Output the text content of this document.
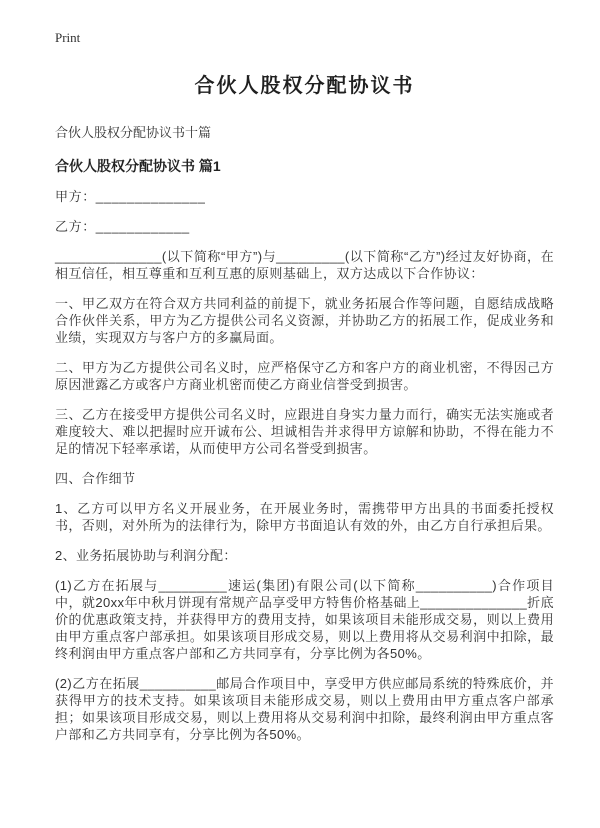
Print

合伙人股权分配协议书

合伙人股权分配协议书十篇

合伙人股权分配协议书 篇1

甲方：______________

乙方：____________

______________(以下简称“甲方”)与_________(以下简称“乙方”)经过友好协商，在相互信任，相互尊重和互利互惠的原则基础上，双方达成以下合作协议：

一、甲乙双方在符合双方共同利益的前提下，就业务拓展合作等问题，自愿结成战略合作伙伴关系，甲方为乙方提供公司名义资源，并协助乙方的拓展工作，促成业务和业绩，实现双方与客户方的多赢局面。

二、甲方为乙方提供公司名义时，应严格保守乙方和客户方的商业机密，不得因己方原因泄露乙方或客户方商业机密而使乙方商业信誉受到损害。

三、乙方在接受甲方提供公司名义时，应跟进自身实力量力而行，确实无法实施或者难度较大、难以把握时应开诚布公、坦诚相告并求得甲方谅解和协助，不得在能力不足的情况下轻率承诺，从而使甲方公司名誉受到损害。

四、合作细节

1、乙方可以甲方名义开展业务，在开展业务时，需携带甲方出具的书面委托授权书，否则，对外所为的法律行为，除甲方书面追认有效的外，由乙方自行承担后果。

2、业务拓展协助与利润分配：

(1)乙方在拓展与_________速运(集团)有限公司(以下简称__________)合作项目中，就20xx年中秋月饼现有常规产品享受甲方特售价格基础上______________折底价的优惠政策支持，并获得甲方的费用支持，如果该项目未能形成交易，则以上费用由甲方重点客户部承担。如果该项目形成交易，则以上费用将从交易利润中扣除，最终利润由甲方重点客户部和乙方共同享有，分享比例为各50%。

(2)乙方在拓展__________邮局合作项目中，享受甲方供应邮局系统的特殊底价，并获得甲方的技术支持。如果该项目未能形成交易，则以上费用由甲方重点客户部承担；如果该项目形成交易，则以上费用将从交易利润中扣除，最终利润由甲方重点客户部和乙方共同享有，分享比例为各50%。
